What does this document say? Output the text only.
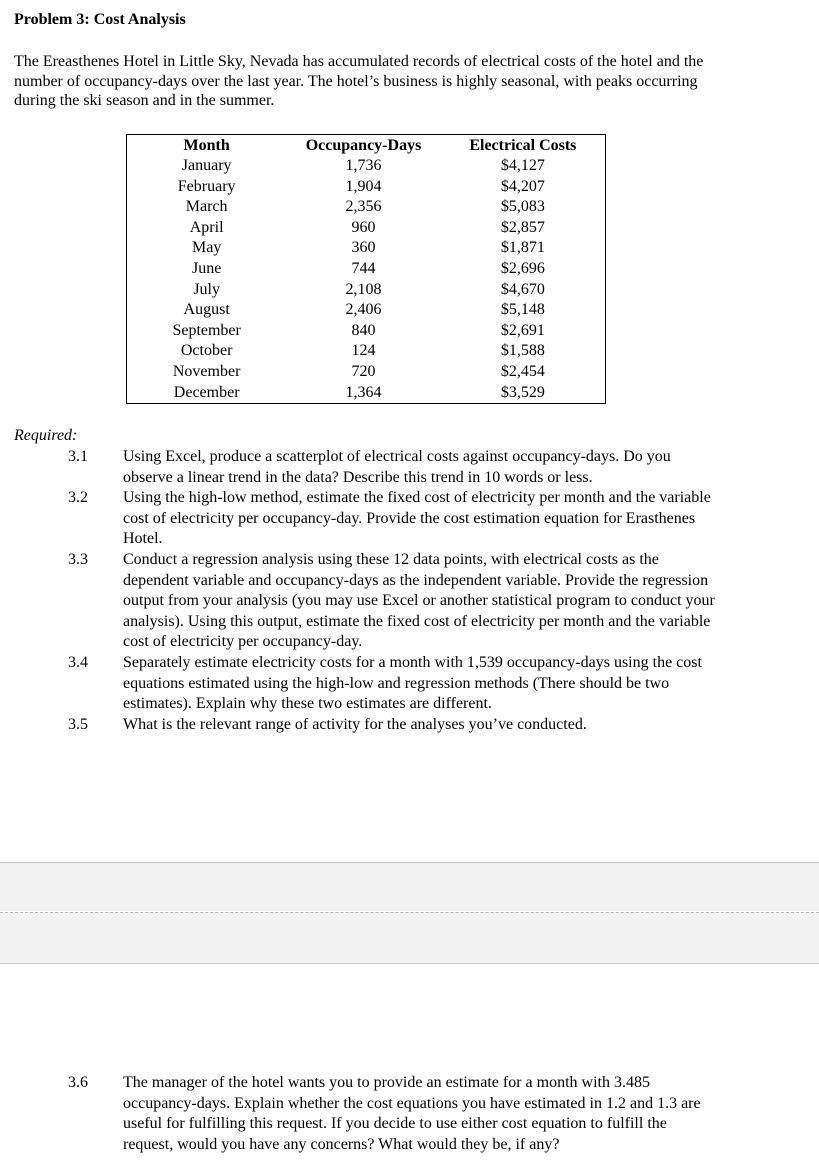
Problem 3: Cost Analysis

The Ereasthenes Hotel in Little Sky, Nevada has accumulated records of electrical costs of the hotel and the number of occupancy-days over the last year. The hotel’s business is highly seasonal, with peaks occurring during the ski season and in the summer.

Month	Occupancy-Days	Electrical Costs
January	1,736	$4,127
February	1,904	$4,207
March	2,356	$5,083
April	960	$2,857
May	360	$1,871
June	744	$2,696
July	2,108	$4,670
August	2,406	$5,148
September	840	$2,691
October	124	$1,588
November	720	$2,454
December	1,364	$3,529

Required:

3.1	Using Excel, produce a scatterplot of electrical costs against occupancy-days. Do you observe a linear trend in the data? Describe this trend in 10 words or less.
3.2	Using the high-low method, estimate the fixed cost of electricity per month and the variable cost of electricity per occupancy-day. Provide the cost estimation equation for Erasthenes Hotel.
3.3	Conduct a regression analysis using these 12 data points, with electrical costs as the dependent variable and occupancy-days as the independent variable. Provide the regression output from your analysis (you may use Excel or another statistical program to conduct your analysis). Using this output, estimate the fixed cost of electricity per month and the variable cost of electricity per occupancy-day.
3.4	Separately estimate electricity costs for a month with 1,539 occupancy-days using the cost equations estimated using the high-low and regression methods (There should be two estimates). Explain why these two estimates are different.
3.5	What is the relevant range of activity for the analyses you’ve conducted.
3.6	The manager of the hotel wants you to provide an estimate for a month with 3.485 occupancy-days. Explain whether the cost equations you have estimated in 1.2 and 1.3 are useful for fulfilling this request. If you decide to use either cost equation to fulfill the request, would you have any concerns? What would they be, if any?
